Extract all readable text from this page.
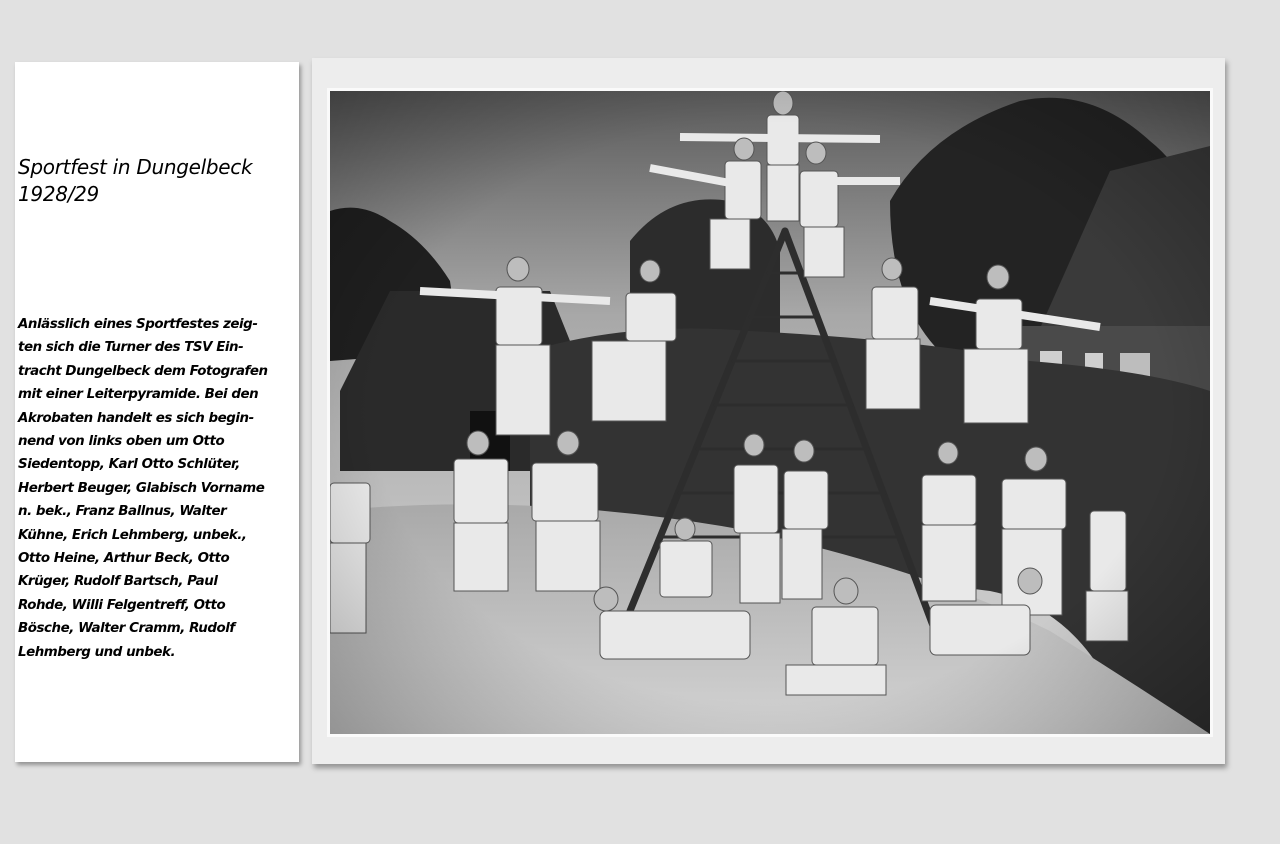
Sportfest in Dungelbeck
1928/29

Anlässlich eines Sportfestes zeig-
ten sich die Turner des TSV Ein-
tracht Dungelbeck dem Fotografen
mit einer Leiterpyramide. Bei den
Akrobaten handelt es sich begin-
nend von links oben um Otto
Siedentopp, Karl Otto Schlüter,
Herbert Beuger, Glabisch Vorname
n. bek., Franz Ballnus, Walter
Kühne, Erich Lehmberg, unbek.,
Otto Heine, Arthur Beck, Otto
Krüger, Rudolf Bartsch, Paul
Rohde, Willi Felgentreff, Otto
Bösche, Walter Cramm, Rudolf
Lehmberg und unbek.
